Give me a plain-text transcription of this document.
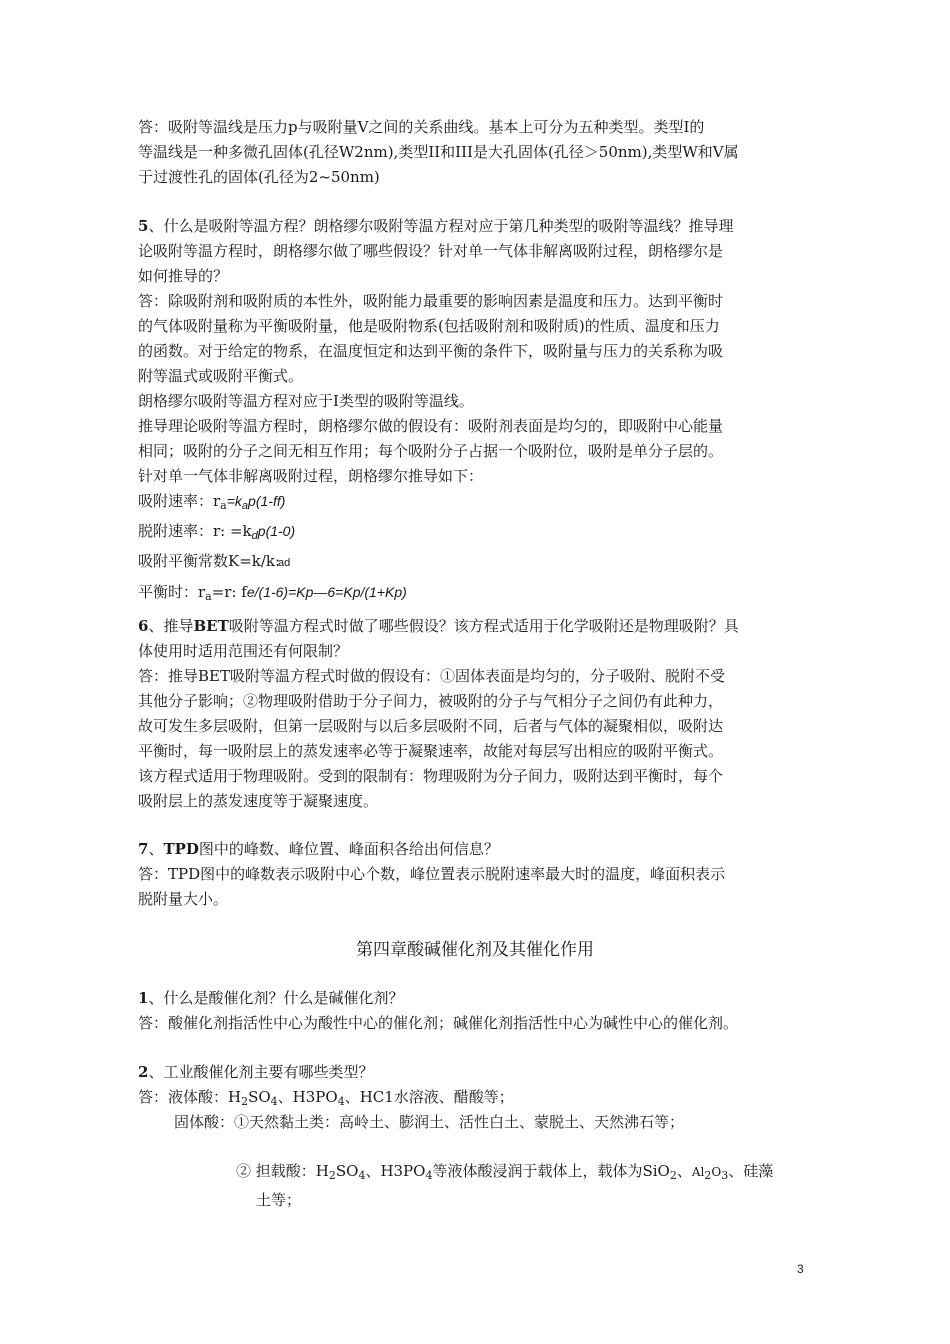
答：吸附等温线是压力p与吸附量V之间的关系曲线。基本上可分为五种类型。类型Ⅰ的
等温线是一种多微孔固体(孔径W2nm),类型II和III是大孔固体(孔径＞50nm),类型W和V属
于过渡性孔的固体(孔径为2~50nm)
5、什么是吸附等温方程？朗格缪尔吸附等温方程对应于第几种类型的吸附等温线？推导理
论吸附等温方程时，朗格缪尔做了哪些假设？针对单一气体非解离吸附过程，朗格缪尔是
如何推导的？
答：除吸附剂和吸附质的本性外，吸附能力最重要的影响因素是温度和压力。达到平衡时
的气体吸附量称为平衡吸附量，他是吸附物系(包括吸附剂和吸附质)的性质、温度和压力
的函数。对于给定的物系，在温度恒定和达到平衡的条件下，吸附量与压力的关系称为吸
附等温式或吸附平衡式。
朗格缪尔吸附等温方程对应于Ⅰ类型的吸附等温线。
推导理论吸附等温方程时，朗格缪尔做的假设有：吸附剂表面是均匀的，即吸附中心能量
相同；吸附的分子之间无相互作用；每个吸附分子占据一个吸附位，吸附是单分子层的。
针对单一气体非解离吸附过程，朗格缪尔推导如下：
吸附速率：$r_a=k_ap(1-ff)$
脱附速率：r: $=k_dp(1-0)$
吸附平衡常数K=k/k:
平衡时：$r_a=r$: fe/(1-6)=Kp—6=Kp/(1+Kp)
ad
6、推导BET吸附等温方程式时做了哪些假设？该方程式适用于化学吸附还是物理吸附？具
体使用时适用范围还有何限制？
答：推导BET吸附等温方程式时做的假设有：①固体表面是均匀的，分子吸附、脱附不受
其他分子影响；②物理吸附借助于分子间力，被吸附的分子与气相分子之间仍有此种力，
故可发生多层吸附，但第一层吸附与以后多层吸附不同，后者与气体的凝聚相似，吸附达
平衡时，每一吸附层上的蒸发速率必等于凝聚速率，故能对每层写出相应的吸附平衡式。
该方程式适用于物理吸附。受到的限制有：物理吸附为分子间力，吸附达到平衡时，每个
吸附层上的蒸发速度等于凝聚速度。
7、TPD图中的峰数、峰位置、峰面积各给出何信息？
答：TPD图中的峰数表示吸附中心个数，峰位置表示脱附速率最大时的温度，峰面积表示
脱附量大小。
第四章酸碱催化剂及其催化作用
1、什么是酸催化剂？什么是碱催化剂？
答：酸催化剂指活性中心为酸性中心的催化剂；碱催化剂指活性中心为碱性中心的催化剂。
2、工业酸催化剂主要有哪些类型？
答：液体酸：$H_2SO_4$、$H3PO_4$、HC1水溶液、醋酸等；
固体酸：①天然黏土类：高岭土、膨润土、活性白土、蒙脱土、天然沸石等；
② 担载酸：$H_2SO_4$、$H3PO_4$等液体酸浸润于载体上，载体为SiO$_2$、$Al_2O_3$、硅藻
土等；
3
